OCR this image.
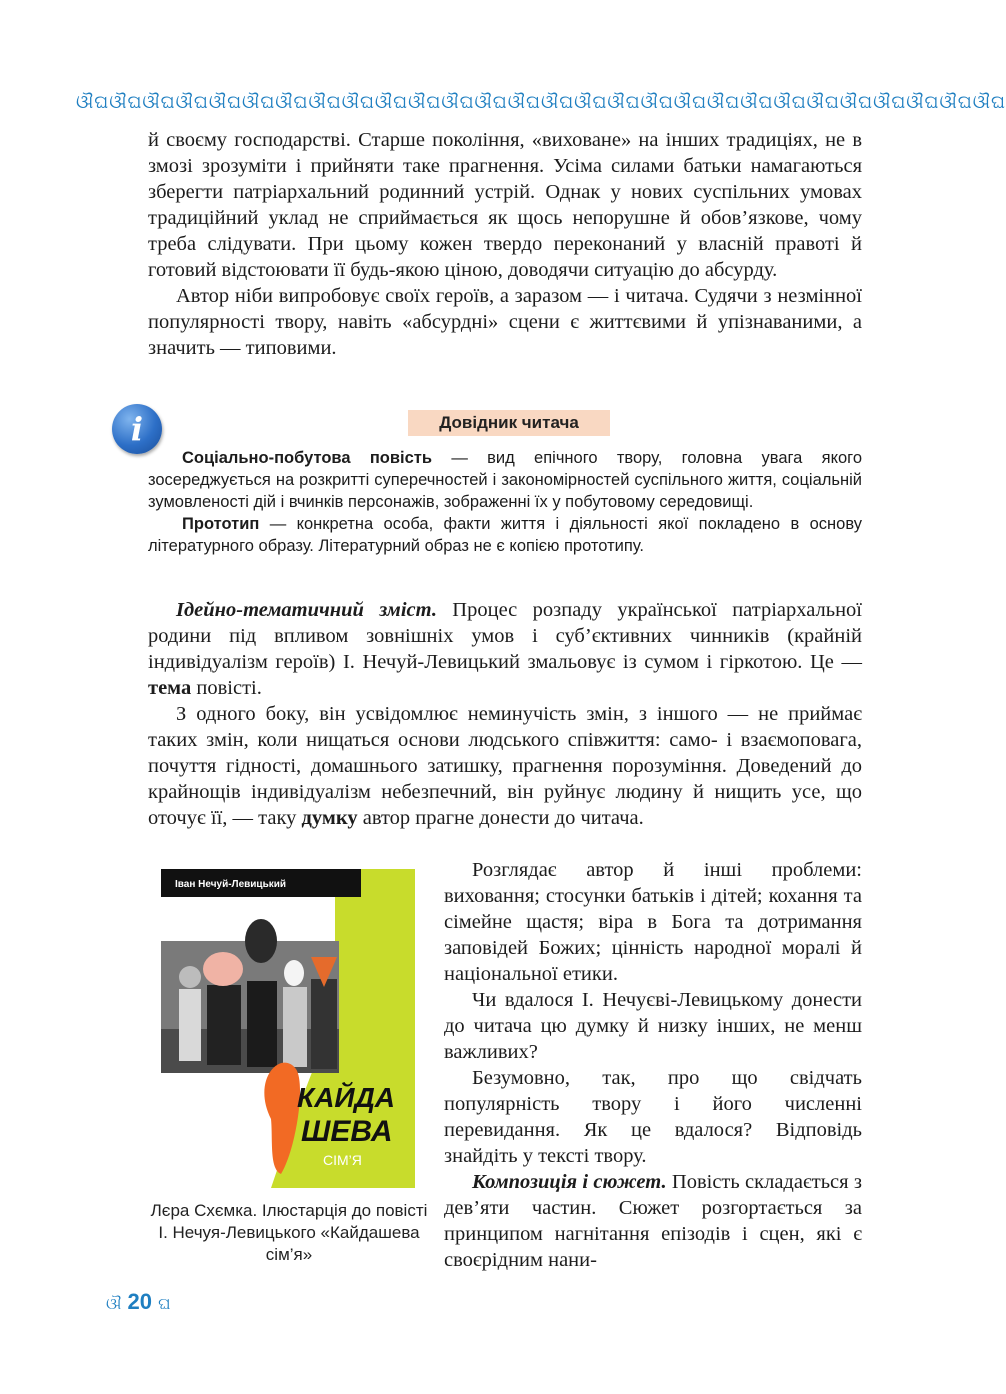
ଔଘଔଘଔଘଔଘଔଘଔଘଔଘଔଘଔଘଔଘଔଘଔଘଔଘଔଘଔଘଔଘଔଘଔଘଔଘଔଘଔଘଔଘଔଘଔଘଔଘଔଘଔଘଔଘ

й своєму господарстві. Старше покоління, «виховане» на інших традиціях, не в змозі зрозуміти і прийняти таке прагнення. Усіма силами батьки намагаються зберегти патріархальний родинний устрій. Однак у нових суспільних умовах традиційний уклад не сприймається як щось непорушне й обов’язкове, чому треба слідувати. При цьому кожен твердо переконаний у власній правоті й готовий відстоювати її будь-якою ціною, доводячи ситуацію до абсурду.

Автор ніби випробовує своїх героїв, а заразом — і читача. Судячи з незмінної популярності твору, навіть «абсурдні» сцени є життєвими й упізнаваними, а значить — типовими.

i	Довідник читача

Соціально-побутова повість — вид епічного твору, головна увага якого зосереджується на розкритті суперечностей і закономірностей суспільного життя, соціальній зумовленості дій і вчинків персонажів, зображенні їх у побутовому середовищі.

Прототип — конкретна особа, факти життя і діяльності якої покладено в основу літературного образу. Літературний образ не є копією прототипу.

Ідейно-тематичний зміст. Процес розпаду української патріархальної родини під впливом зовнішніх умов і суб’єктивних чинників (крайній індивідуалізм героїв) І. Нечуй-Левицький змальовує із сумом і гіркотою. Це — тема повісті.

З одного боку, він усвідомлює неминучість змін, з іншого — не приймає таких змін, коли нищаться основи людського співжиття: само- і взаємоповага, почуття гідності, домашнього затишку, прагнення порозуміння. Доведений до крайнощів індивідуалізм небезпечний, він руйнує людину й нищить усе, що оточує її, — таку думку автор прагне донести до читача.

Іван Нечуй-Левицький
КАЙДА
ШЕВА
СІМ’Я

Розглядає автор й інші проблеми: виховання; стосунки батьків і дітей; кохання та сімейне щастя; віра в Бога та дотримання заповідей Божих; цінність народної моралі й національної етики.

Чи вдалося І. Нечуєві-Левицькому донести до читача цю думку й низку інших, не менш важливих?

Безумовно, так, про що свідчать популярність твору і його численні перевидання. Як це вдалося? Відповідь знайдіть у тексті твору.

Композиція і сюжет. Повість складається з дев’яти частин. Сюжет розгортається за принципом нагнітання епізодів і сцен, які є своєрідним нани-

Лєра Схємка. Ілюстарція до повісті І. Нечуя-Левицького «Кайдашева сім’я»
ଔ 20 ଘ
